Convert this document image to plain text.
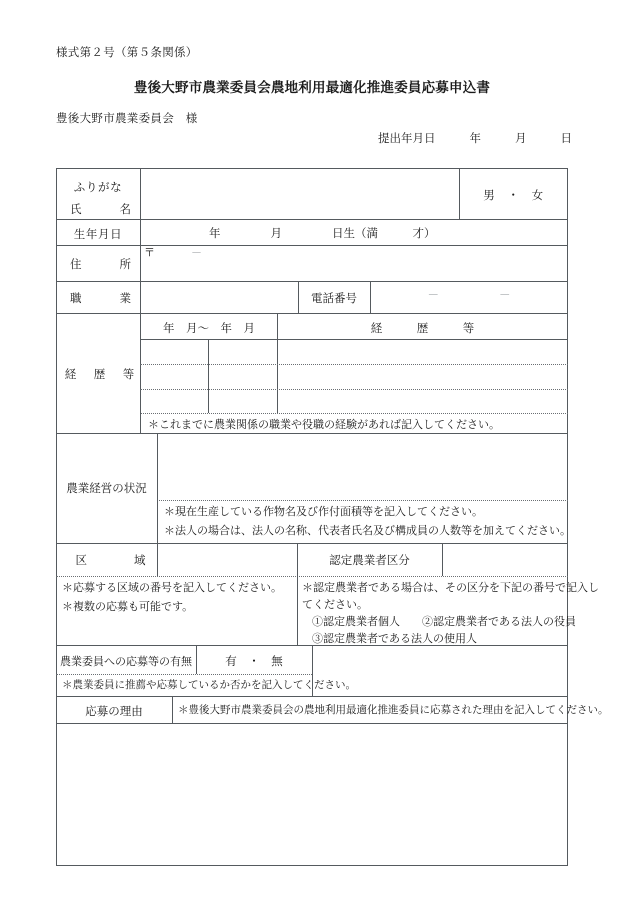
様式第２号（第５条関係）
豊後大野市農業委員会農地利用最適化推進委員応募申込書
豊後大野市農業委員会　様
提出年月日	年	月	日
ふりがな
氏　　名
男　・　女
生年月日	年	月	日生（満　　　才）
住　　所
〒	－
職　　業	電話番号	－	－
経　歴　等
年　月～　年　月	経　　　歴　　　等
＊これまでに農業関係の職業や役職の経験があれば記入してください。
農業経営の状況
＊現在生産している作物名及び作付面積等を記入してください。
＊法人の場合は、法人の名称、代表者氏名及び構成員の人数等を加えてください。
区　　域	認定農業者区分
＊応募する区域の番号を記入してください。
＊複数の応募も可能です。
＊認定農業者である場合は、その区分を下記の番号で記入し
てください。
①認定農業者個人　　②認定農業者である法人の役員
③認定農業者である法人の使用人
農業委員への応募等の有無	有　・　無
＊農業委員に推薦や応募しているか否かを記入してください。
応募の理由	＊豊後大野市農業委員会の農地利用最適化推進委員に応募された理由を記入してください。
